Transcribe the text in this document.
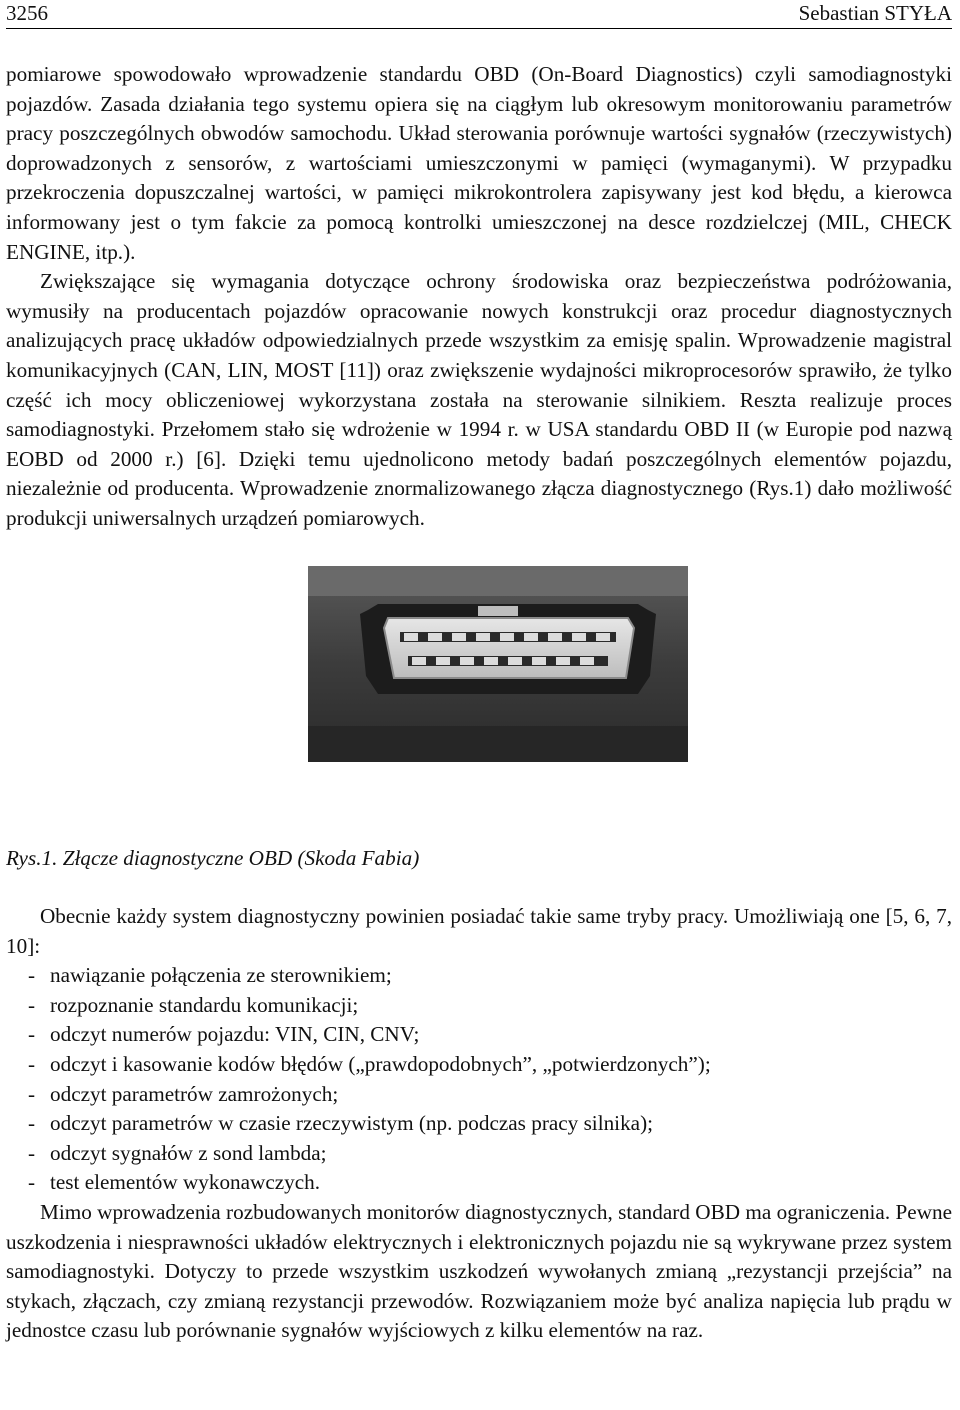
3256	Sebastian STYŁA

pomiarowe spowodowało wprowadzenie standardu OBD (On-Board Diagnostics) czyli samodiagnostyki pojazdów. Zasada działania tego systemu opiera się na ciągłym lub okresowym monitorowaniu parametrów pracy poszczególnych obwodów samochodu. Układ sterowania porównuje wartości sygnałów (rzeczywistych) doprowadzonych z sensorów, z wartościami umieszczonymi w pamięci (wymaganymi). W przypadku przekroczenia dopuszczalnej wartości, w pamięci mikrokontrolera zapisywany jest kod błędu, a kierowca informowany jest o tym fakcie za pomocą kontrolki umieszczonej na desce rozdzielczej (MIL, CHECK ENGINE, itp.).

Zwiększające się wymagania dotyczące ochrony środowiska oraz bezpieczeństwa podróżowania, wymusiły na producentach pojazdów opracowanie nowych konstrukcji oraz procedur diagnostycznych analizujących pracę układów odpowiedzialnych przede wszystkim za emisję spalin. Wprowadzenie magistral komunikacyjnych (CAN, LIN, MOST [11]) oraz zwiększenie wydajności mikroprocesorów sprawiło, że tylko część ich mocy obliczeniowej wykorzystana została na sterowanie silnikiem. Reszta realizuje proces samodiagnostyki. Przełomem stało się wdrożenie w 1994 r. w USA standardu OBD II (w Europie pod nazwą EOBD od 2000 r.) [6]. Dzięki temu ujednolicono metody badań poszczególnych elementów pojazdu, niezależnie od producenta. Wprowadzenie znormalizowanego złącza diagnostycznego (Rys.1) dało możliwość produkcji uniwersalnych urządzeń pomiarowych.

Rys.1. Złącze diagnostyczne OBD (Skoda Fabia)

Obecnie każdy system diagnostyczny powinien posiadać takie same tryby pracy. Umożliwiają one [5, 6, 7, 10]:

- nawiązanie połączenia ze sterownikiem;
- rozpoznanie standardu komunikacji;
- odczyt numerów pojazdu: VIN, CIN, CNV;
- odczyt i kasowanie kodów błędów („prawdopodobnych”, „potwierdzonych”);
- odczyt parametrów zamrożonych;
- odczyt parametrów w czasie rzeczywistym (np. podczas pracy silnika);
- odczyt sygnałów z sond lambda;
- test elementów wykonawczych.

Mimo wprowadzenia rozbudowanych monitorów diagnostycznych, standard OBD ma ograniczenia. Pewne uszkodzenia i niesprawności układów elektrycznych i elektronicznych pojazdu nie są wykrywane przez system samodiagnostyki. Dotyczy to przede wszystkim uszkodzeń wywołanych zmianą „rezystancji przejścia” na stykach, złączach, czy zmianą rezystancji przewodów. Rozwiązaniem może być analiza napięcia lub prądu w jednostce czasu lub porównanie sygnałów wyjściowych z kilku elementów na raz.
